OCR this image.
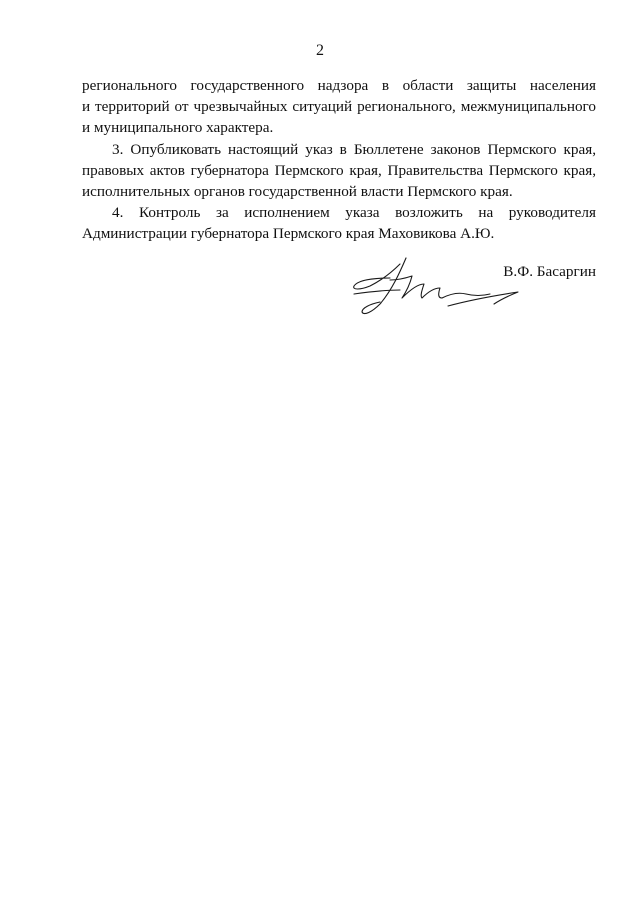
2
регионального государственного надзора в области защиты населения
и территорий от чрезвычайных ситуаций регионального, межмуниципального
и муниципального характера.
3. Опубликовать настоящий указ в Бюллетене законов Пермского края,
правовых актов губернатора Пермского края, Правительства Пермского края,
исполнительных органов государственной власти Пермского края.
4. Контроль за исполнением указа возложить на руководителя
Администрации губернатора Пермского края Маховикова А.Ю.
В.Ф. Басаргин
